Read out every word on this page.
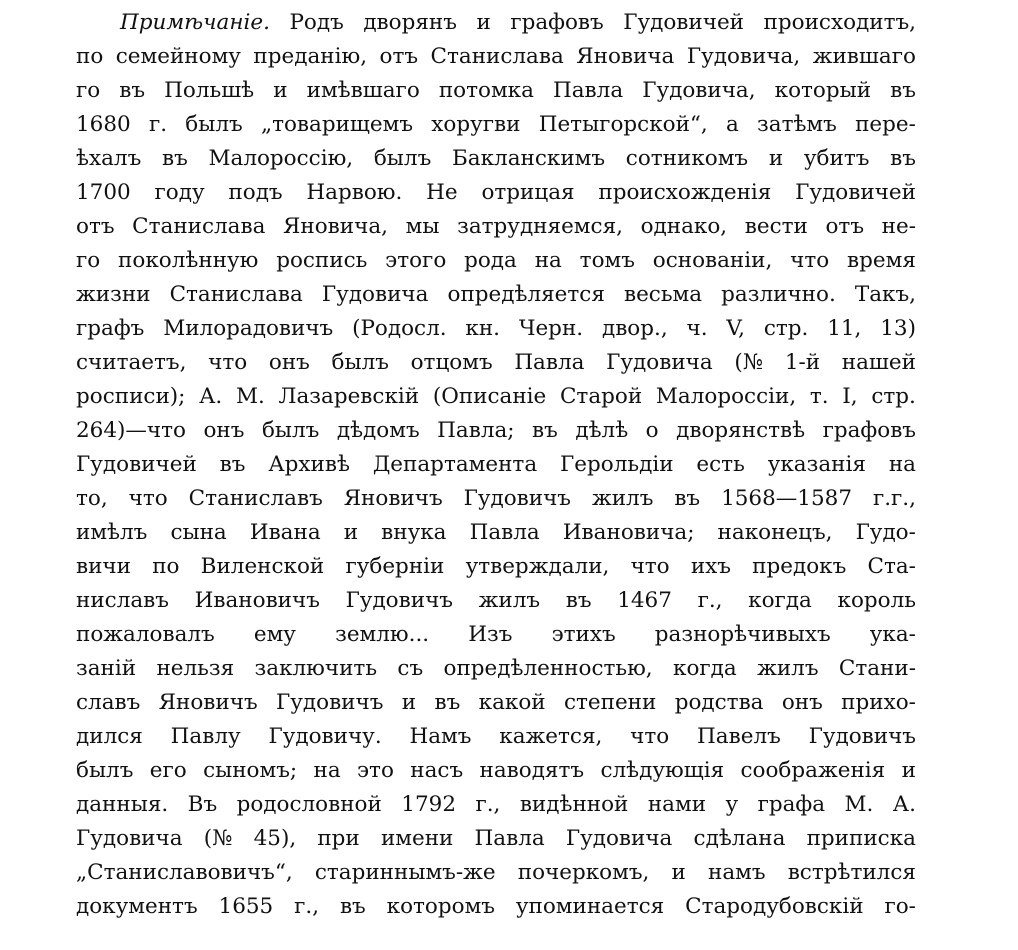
Примѣчаніе. Родъ дворянъ и графовъ Гудовичей происходитъ,
по семейному преданію, отъ Станислава Яновича Гудовича, жившаго
го въ Польшѣ и имѣвшаго потомка Павла Гудовича, который въ
1680 г. былъ „товарищемъ хоругви Петыгорской“, а затѣмъ пере-
ѣхалъ въ Малороссію, былъ Бакланскимъ сотникомъ и убитъ въ
1700 году подъ Нарвою. Не отрицая происхожденія Гудовичей
отъ Станислава Яновича, мы затрудняемся, однако, вести отъ не-
го поколѣнную роспись этого рода на томъ основаніи, что время
жизни Станислава Гудовича опредѣляется весьма различно. Такъ,
графъ Милорадовичъ (Родосл. кн. Черн. двор., ч. V, стр. 11, 13)
считаетъ, что онъ былъ отцомъ Павла Гудовича (№ 1-й нашей
росписи); А. М. Лазаревскій (Описаніе Старой Малороссіи, т. I, стр.
264)—что онъ былъ дѣдомъ Павла; въ дѣлѣ о дворянствѣ графовъ
Гудовичей въ Архивѣ Департамента Герольдіи есть указанія на
то, что Станиславъ Яновичъ Гудовичъ жилъ въ 1568—1587 г.г.,
имѣлъ сына Ивана и внука Павла Ивановича; наконецъ, Гудо-
вичи по Виленской губерніи утверждали, что ихъ предокъ Ста-
ниславъ Ивановичъ Гудовичъ жилъ въ 1467 г., когда король
пожаловалъ ему землю... Изъ этихъ разнорѣчивыхъ ука-
заній нельзя заключить съ опредѣленностью, когда жилъ Стани-
славъ Яновичъ Гудовичъ и въ какой степени родства онъ прихо-
дился Павлу Гудовичу. Намъ кажется, что Павелъ Гудовичъ
былъ его сыномъ; на это насъ наводятъ слѣдующія соображенія и
данныя. Въ родословной 1792 г., видѣнной нами у графа М. А.
Гудовича (№ 45), при имени Павла Гудовича сдѣлана приписка
„Станиславовичъ“, стариннымъ-же почеркомъ, и намъ встрѣтился
документъ 1655 г., въ которомъ упоминается Стародубовскій го-
